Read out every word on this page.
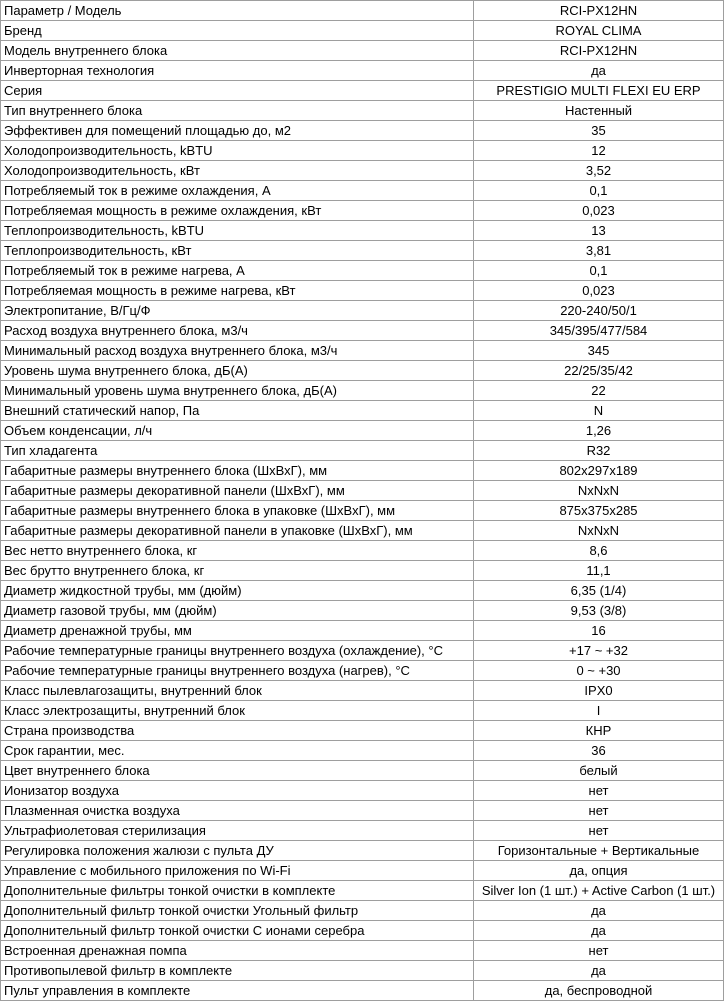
Параметр / Модель	RCI-PX12HN
Бренд	ROYAL CLIMA
Модель внутреннего блока	RCI-PX12HN
Инверторная технология	да
Серия	PRESTIGIO MULTI FLEXI EU ERP
Тип внутреннего блока	Настенный
Эффективен для помещений площадью до, м2	35
Холодопроизводительность, kBTU	12
Холодопроизводительность, кВт	3,52
Потребляемый ток в режиме охлаждения, А	0,1
Потребляемая мощность в режиме охлаждения, кВт	0,023
Теплопроизводительность, kBTU	13
Теплопроизводительность, кВт	3,81
Потребляемый ток в режиме нагрева, А	0,1
Потребляемая мощность в режиме нагрева, кВт	0,023
Электропитание, В/Гц/Ф	220-240/50/1
Расход воздуха внутреннего блока, м3/ч	345/395/477/584
Минимальный расход воздуха внутреннего блока, м3/ч	345
Уровень шума внутреннего блока, дБ(А)	22/25/35/42
Минимальный уровень шума внутреннего блока, дБ(А)	22
Внешний статический напор, Па	N
Объем конденсации, л/ч	1,26
Тип хладагента	R32
Габаритные размеры внутреннего блока (ШхВхГ), мм	802x297x189
Габаритные размеры декоративной панели (ШхВхГ), мм	NxNxN
Габаритные размеры внутреннего блока в упаковке (ШхВхГ), мм	875x375x285
Габаритные размеры декоративной панели в упаковке (ШхВхГ), мм	NxNxN
Вес нетто внутреннего блока, кг	8,6
Вес брутто внутреннего блока, кг	11,1
Диаметр жидкостной трубы, мм (дюйм)	6,35 (1/4)
Диаметр газовой трубы, мм (дюйм)	9,53 (3/8)
Диаметр дренажной трубы, мм	16
Рабочие температурные границы внутреннего воздуха (охлаждение), °С	+17 ~ +32
Рабочие температурные границы внутреннего воздуха (нагрев), °С	0 ~ +30
Класс пылевлагозащиты, внутренний блок	IPX0
Класс электрозащиты, внутренний блок	I
Страна производства	КНР
Срок гарантии, мес.	36
Цвет внутреннего блока	белый
Ионизатор воздуха	нет
Плазменная очистка воздуха	нет
Ультрафиолетовая стерилизация	нет
Регулировка положения жалюзи с пульта ДУ	Горизонтальные + Вертикальные
Управление с мобильного приложения по Wi-Fi	да, опция
Дополнительные фильтры тонкой очистки в комплекте	Silver Ion (1 шт.) + Active Carbon (1 шт.)
Дополнительный фильтр тонкой очистки Угольный фильтр	да
Дополнительный фильтр тонкой очистки С ионами серебра	да
Встроенная дренажная помпа	нет
Противопылевой фильтр в комплекте	да
Пульт управления в комплекте	да, беспроводной
